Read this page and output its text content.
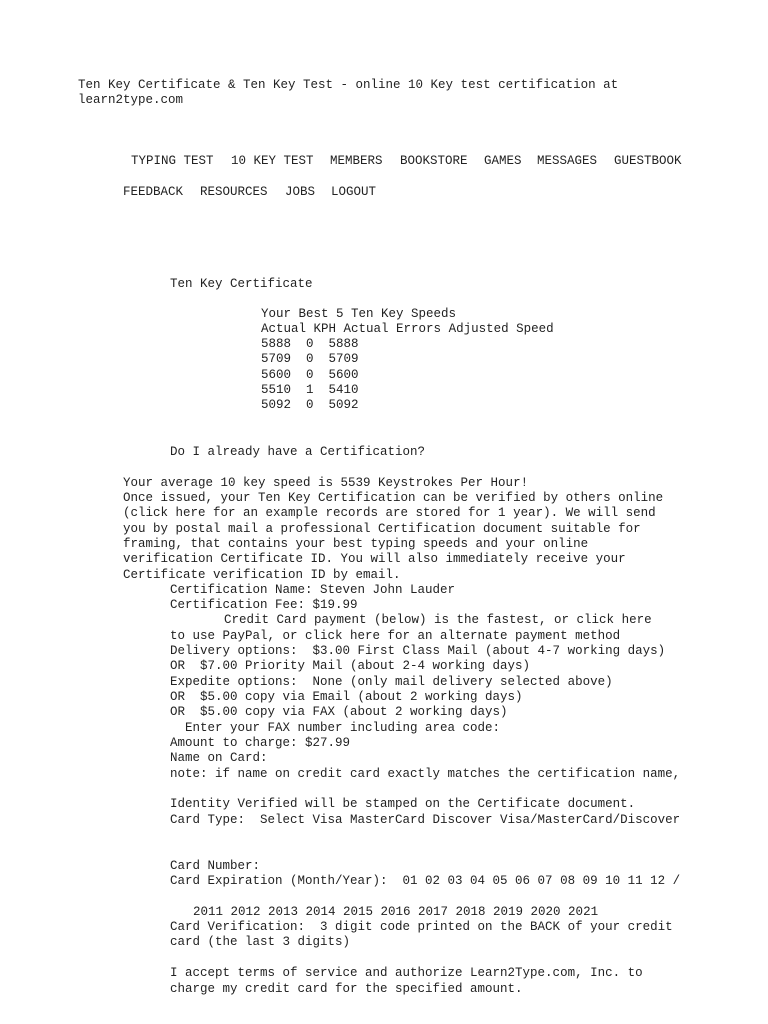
Ten Key Certificate & Ten Key Test - online 10 Key test certification at learn2type.com
TYPING TEST 10 KEY TEST MEMBERS BOOKSTORE GAMES MESSAGES GUESTBOOK
FEEDBACK RESOURCES JOBS LOGOUT
Ten Key Certificate
Your Best 5 Ten Key Speeds
Actual KPH Actual Errors Adjusted Speed
5888	0	5888
5709	0	5709
5600	0	5600
5510	1	5410
5092	0	5092
Do I already have a Certification?
Your average 10 key speed is 5539 Keystrokes Per Hour!
Once issued, your Ten Key Certification can be verified by others online
(click here for an example records are stored for 1 year). We will send
you by postal mail a professional Certification document suitable for
framing, that contains your best typing speeds and your online
verification Certificate ID. You will also immediately receive your
Certificate verification ID by email.
Certification Name: Steven John Lauder
Certification Fee: $19.99
Credit Card payment (below) is the fastest, or click here
to use PayPal, or click here for an alternate payment method
Delivery options:  $3.00 First Class Mail (about 4-7 working days)
OR  $7.00 Priority Mail (about 2-4 working days)
Expedite options:  None (only mail delivery selected above)
OR  $5.00 copy via Email (about 2 working days)
OR  $5.00 copy via FAX (about 2 working days)
Enter your FAX number including area code:
Amount to charge: $27.99
Name on Card:
note: if name on credit card exactly matches the certification name,
Identity Verified will be stamped on the Certificate document.
Card Type:  Select Visa MasterCard Discover Visa/MasterCard/Discover
Card Number:
Card Expiration (Month/Year):  01 02 03 04 05 06 07 08 09 10 11 12 /
2011 2012 2013 2014 2015 2016 2017 2018 2019 2020 2021
Card Verification:  3 digit code printed on the BACK of your credit
card (the last 3 digits)
I accept terms of service and authorize Learn2Type.com, Inc. to
charge my credit card for the specified amount.
